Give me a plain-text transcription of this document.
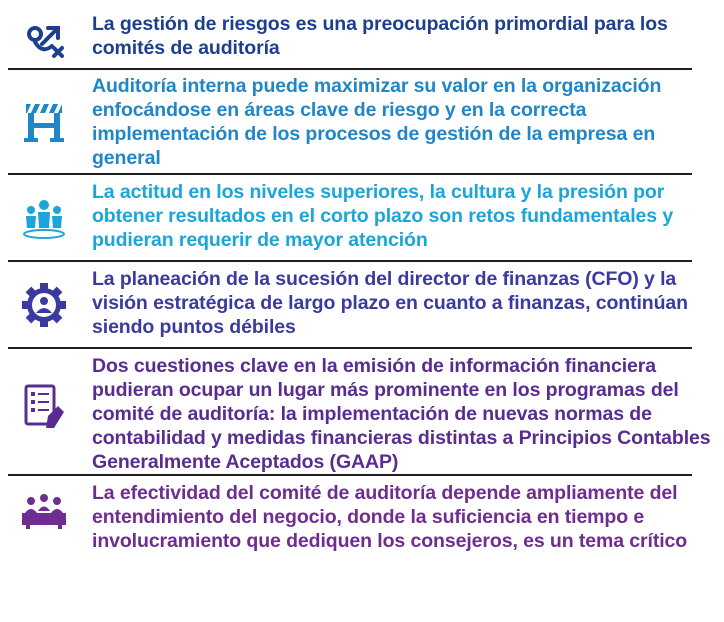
La gestión de riesgos es una preocupación primordial para los comités de auditoría

Auditoría interna puede maximizar su valor en la organización enfocándose en áreas clave de riesgo y en la correcta implementación de los procesos de gestión de la empresa en general

La actitud en los niveles superiores, la cultura y la presión por obtener resultados en el corto plazo son retos fundamentales y pudieran requerir de mayor atención

La planeación de la sucesión del director de finanzas (CFO) y la visión estratégica de largo plazo en cuanto a finanzas, continúan siendo puntos débiles

Dos cuestiones clave en la emisión de información financiera pudieran ocupar un lugar más prominente en los programas del comité de auditoría: la implementación de nuevas normas de contabilidad y medidas financieras distintas a Principios Contables Generalmente Aceptados (GAAP)

La efectividad del comité de auditoría depende ampliamente del entendimiento del negocio, donde la suficiencia en tiempo e involucramiento que dediquen los consejeros, es un tema crítico
